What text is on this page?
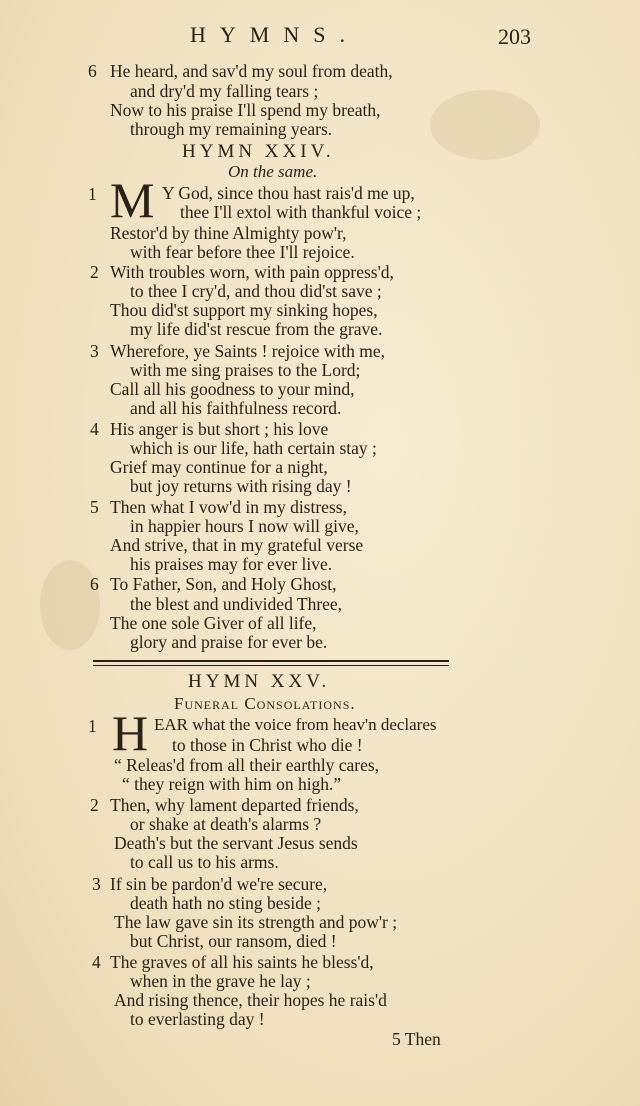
HYMNS.	203
6 He heard, and sav'd my soul from death,
and dry'd my falling tears ;
Now to his praise I'll spend my breath,
through my remaining years.
HYMN XXIV.
On the same.
1 M Y God, since thou hast rais'd me up,
thee I'll extol with thankful voice ;
Restor'd by thine Almighty pow'r,
with fear before thee I'll rejoice.
2 With troubles worn, with pain oppress'd,
to thee I cry'd, and thou did'st save ;
Thou did'st support my sinking hopes,
my life did'st rescue from the grave.
3 Wherefore, ye Saints ! rejoice with me,
with me sing praises to the Lord;
Call all his goodness to your mind,
and all his faithfulness record.
4 His anger is but short ; his love
which is our life, hath certain stay ;
Grief may continue for a night,
but joy returns with rising day !
5 Then what I vow'd in my distress,
in happier hours I now will give,
And strive, that in my grateful verse
his praises may for ever live.
6 To Father, Son, and Holy Ghost,
the blest and undivided Three,
The one sole Giver of all life,
glory and praise for ever be.
HYMN XXV.
Funeral Consolations.
1 H EAR what the voice from heav'n declares
to those in Christ who die !
“ Releas'd from all their earthly cares,
“ they reign with him on high.”
2 Then, why lament departed friends,
or shake at death's alarms ?
Death's but the servant Jesus sends
to call us to his arms.
3 If sin be pardon'd we're secure,
death hath no sting beside ;
The law gave sin its strength and pow'r ;
but Christ, our ransom, died !
4 The graves of all his saints he bless'd,
when in the grave he lay ;
And rising thence, their hopes he rais'd
to everlasting day !
5 Then
